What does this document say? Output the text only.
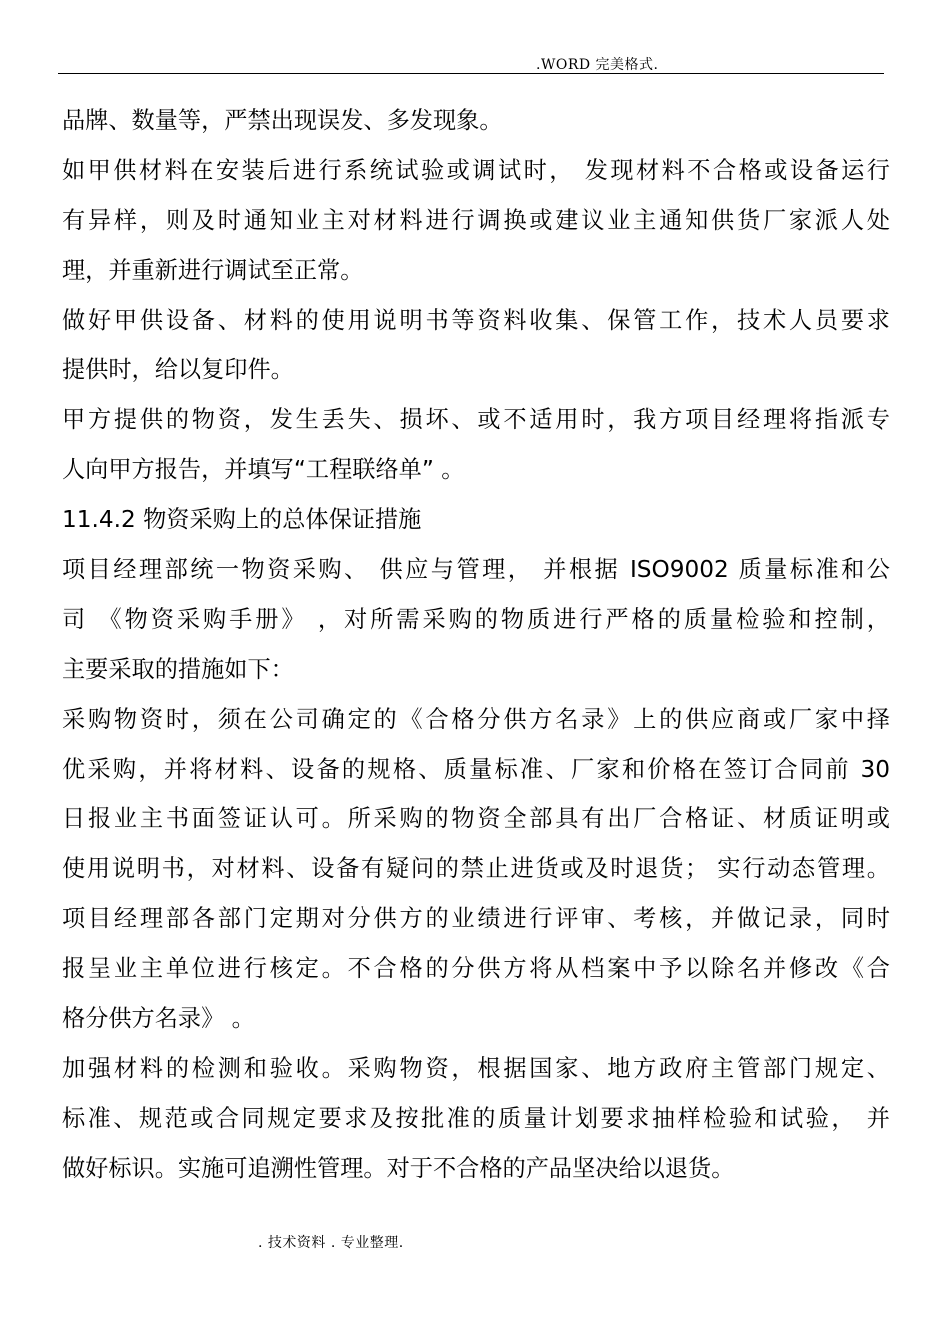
.WORD 完美格式.
品牌、数量等，严禁出现误发、多发现象。
如甲供材料在安装后进行系统试验或调试时， 发现材料不合格或设备运行
有异样，则及时通知业主对材料进行调换或建议业主通知供货厂家派人处
理，并重新进行调试至正常。
做好甲供设备、材料的使用说明书等资料收集、保管工作，技术人员要求
提供时，给以复印件。
甲方提供的物资，发生丢失、损坏、或不适用时，我方项目经理将指派专
人向甲方报告，并填写“工程联络单” 。
11.4.2 物资采购上的总体保证措施
项目经理部统一物资采购、 供应与管理， 并根据 ISO9002 质量标准和公
司 《物资采购手册》 ，对所需采购的物质进行严格的质量检验和控制，
主要采取的措施如下：
采购物资时，须在公司确定的《合格分供方名录》上的供应商或厂家中择
优采购，并将材料、设备的规格、质量标准、厂家和价格在签订合同前 30
日报业主书面签证认可。所采购的物资全部具有出厂合格证、材质证明或
使用说明书，对材料、设备有疑问的禁止进货或及时退货； 实行动态管理。
项目经理部各部门定期对分供方的业绩进行评审、考核，并做记录，同时
报呈业主单位进行核定。不合格的分供方将从档案中予以除名并修改《合
格分供方名录》 。
加强材料的检测和验收。采购物资，根据国家、地方政府主管部门规定、
标准、规范或合同规定要求及按批准的质量计划要求抽样检验和试验， 并
做好标识。实施可追溯性管理。对于不合格的产品坚决给以退货。
. 技术资料 . 专业整理.
